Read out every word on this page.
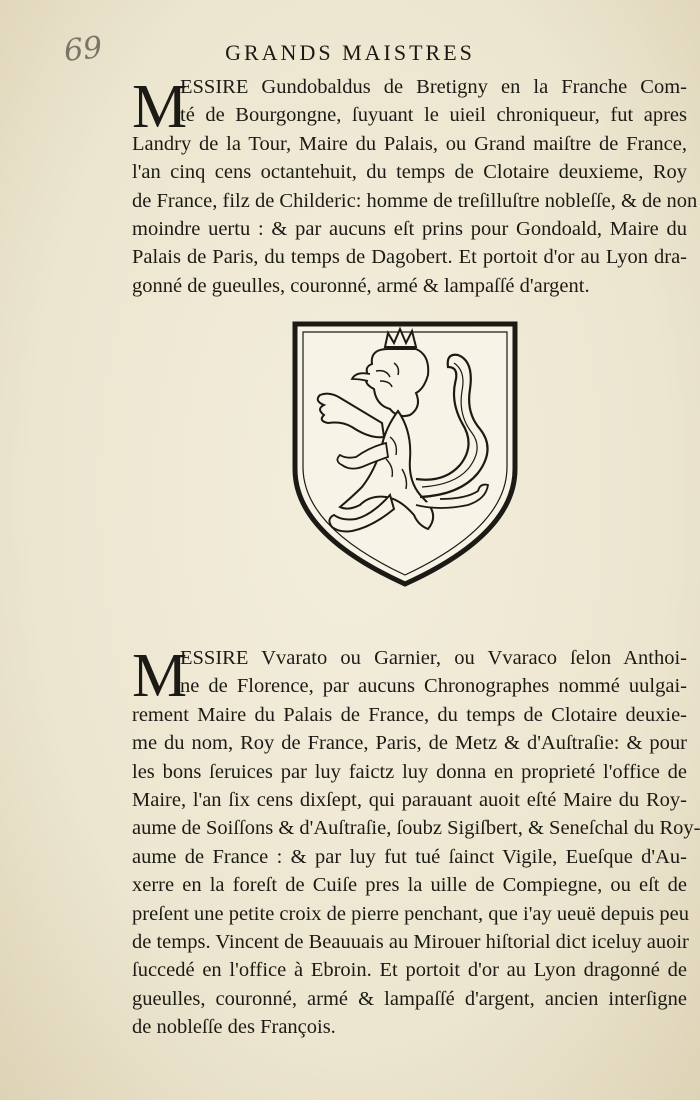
69	GRANDS MAISTRES
M
ESSIRE Gundobaldus de Bretigny en la Franche Com-
té de Bourgongne, ſuyuant le uieil chroniqueur, fut apres
Landry de la Tour, Maire du Palais, ou Grand maiſtre de France,
l'an cinq cens octantehuit, du temps de Clotaire deuxieme, Roy
de France, filz de Childeric: homme de treſilluſtre nobleſſe, & de non
moindre uertu : & par aucuns eſt prins pour Gondoald, Maire du
Palais de Paris, du temps de Dagobert. Et portoit d'or au Lyon dra-
gonné de gueulles, couronné, armé & lampaſſé d'argent.
M
ESSIRE Vvarato ou Garnier, ou Vvaraco ſelon Anthoi-
ne de Florence, par aucuns Chronographes nommé uulgai-
rement Maire du Palais de France, du temps de Clotaire deuxie-
me du nom, Roy de France, Paris, de Metz & d'Auſtraſie: & pour
les bons ſeruices par luy faictz luy donna en proprieté l'office de
Maire, l'an ſix cens dixſept, qui parauant auoit eſté Maire du Roy-
aume de Soiſſons & d'Auſtraſie, ſoubz Sigiſbert, & Seneſchal du Roy-
aume de France : & par luy fut tué ſainct Vigile, Eueſque d'Au-
xerre en la foreſt de Cuiſe pres la uille de Compiegne, ou eſt de
preſent une petite croix de pierre penchant, que i'ay ueuë depuis peu
de temps. Vincent de Beauuais au Mirouer hiſtorial dict iceluy auoir
ſuccedé en l'office à Ebroin. Et portoit d'or au Lyon dragonné de
gueulles, couronné, armé & lampaſſé d'argent, ancien interſigne
de nobleſſe des François.
